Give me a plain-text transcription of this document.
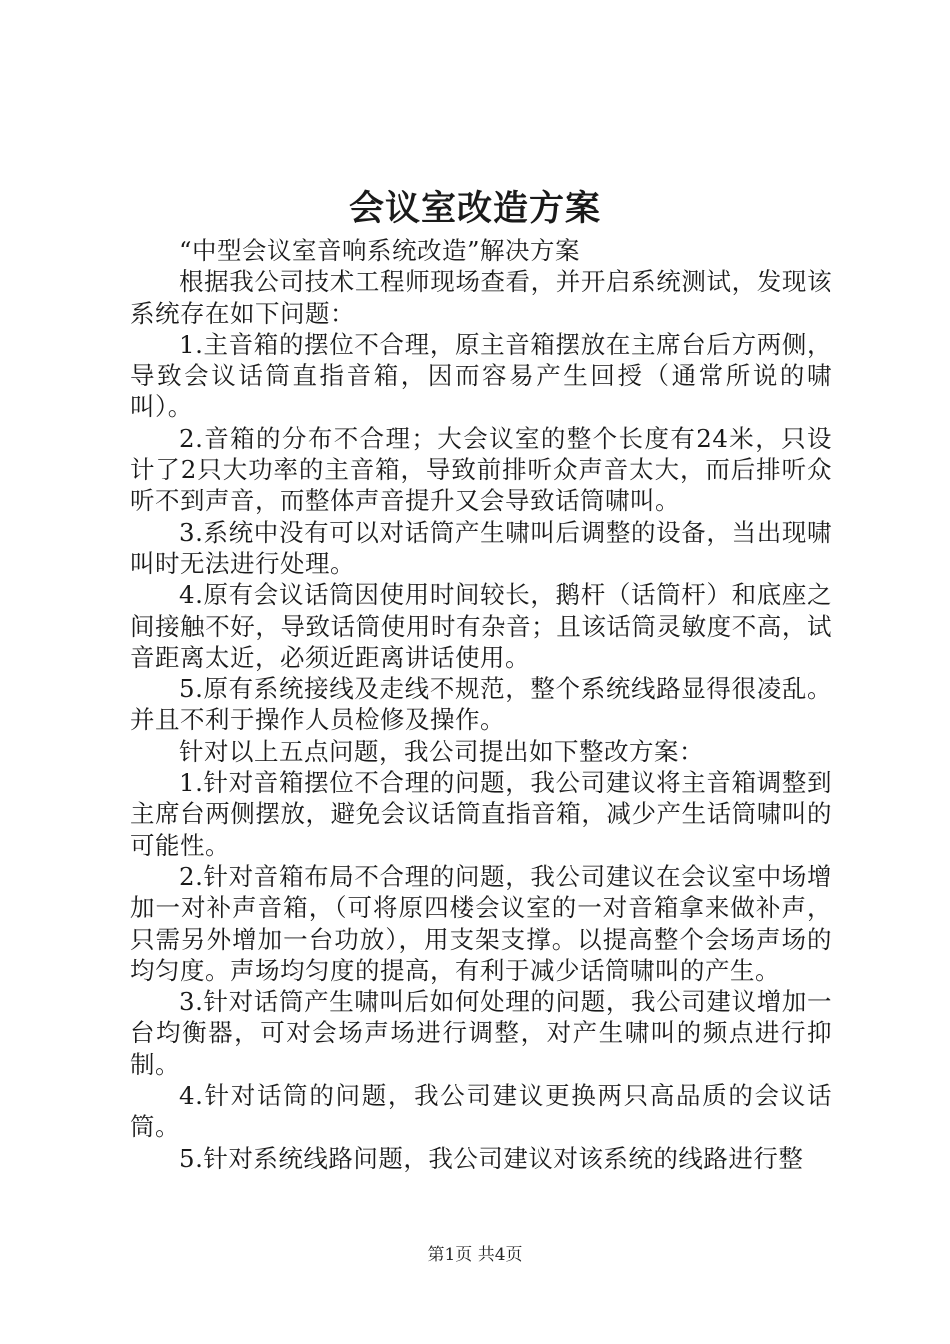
会议室改造方案

“中型会议室音响系统改造”解决方案

根据我公司技术工程师现场查看，并开启系统测试，发现该系统存在如下问题：

1.主音箱的摆位不合理，原主音箱摆放在主席台后方两侧，导致会议话筒直指音箱，因而容易产生回授（通常所说的啸叫）。

2.音箱的分布不合理；大会议室的整个长度有24米，只设计了2只大功率的主音箱，导致前排听众声音太大，而后排听众听不到声音，而整体声音提升又会导致话筒啸叫。

3.系统中没有可以对话筒产生啸叫后调整的设备，当出现啸叫时无法进行处理。

4.原有会议话筒因使用时间较长，鹅杆（话筒杆）和底座之间接触不好，导致话筒使用时有杂音；且该话筒灵敏度不高，试音距离太近，必须近距离讲话使用。

5.原有系统接线及走线不规范，整个系统线路显得很凌乱。并且不利于操作人员检修及操作。

针对以上五点问题，我公司提出如下整改方案：

1.针对音箱摆位不合理的问题，我公司建议将主音箱调整到主席台两侧摆放，避免会议话筒直指音箱，减少产生话筒啸叫的可能性。

2.针对音箱布局不合理的问题，我公司建议在会议室中场增加一对补声音箱，（可将原四楼会议室的一对音箱拿来做补声，只需另外增加一台功放），用支架支撑。以提高整个会场声场的均匀度。声场均匀度的提高，有利于减少话筒啸叫的产生。

3.针对话筒产生啸叫后如何处理的问题，我公司建议增加一台均衡器，可对会场声场进行调整，对产生啸叫的频点进行抑制。

4.针对话筒的问题，我公司建议更换两只高品质的会议话筒。

5.针对系统线路问题，我公司建议对该系统的线路进行整

第1页 共4页
